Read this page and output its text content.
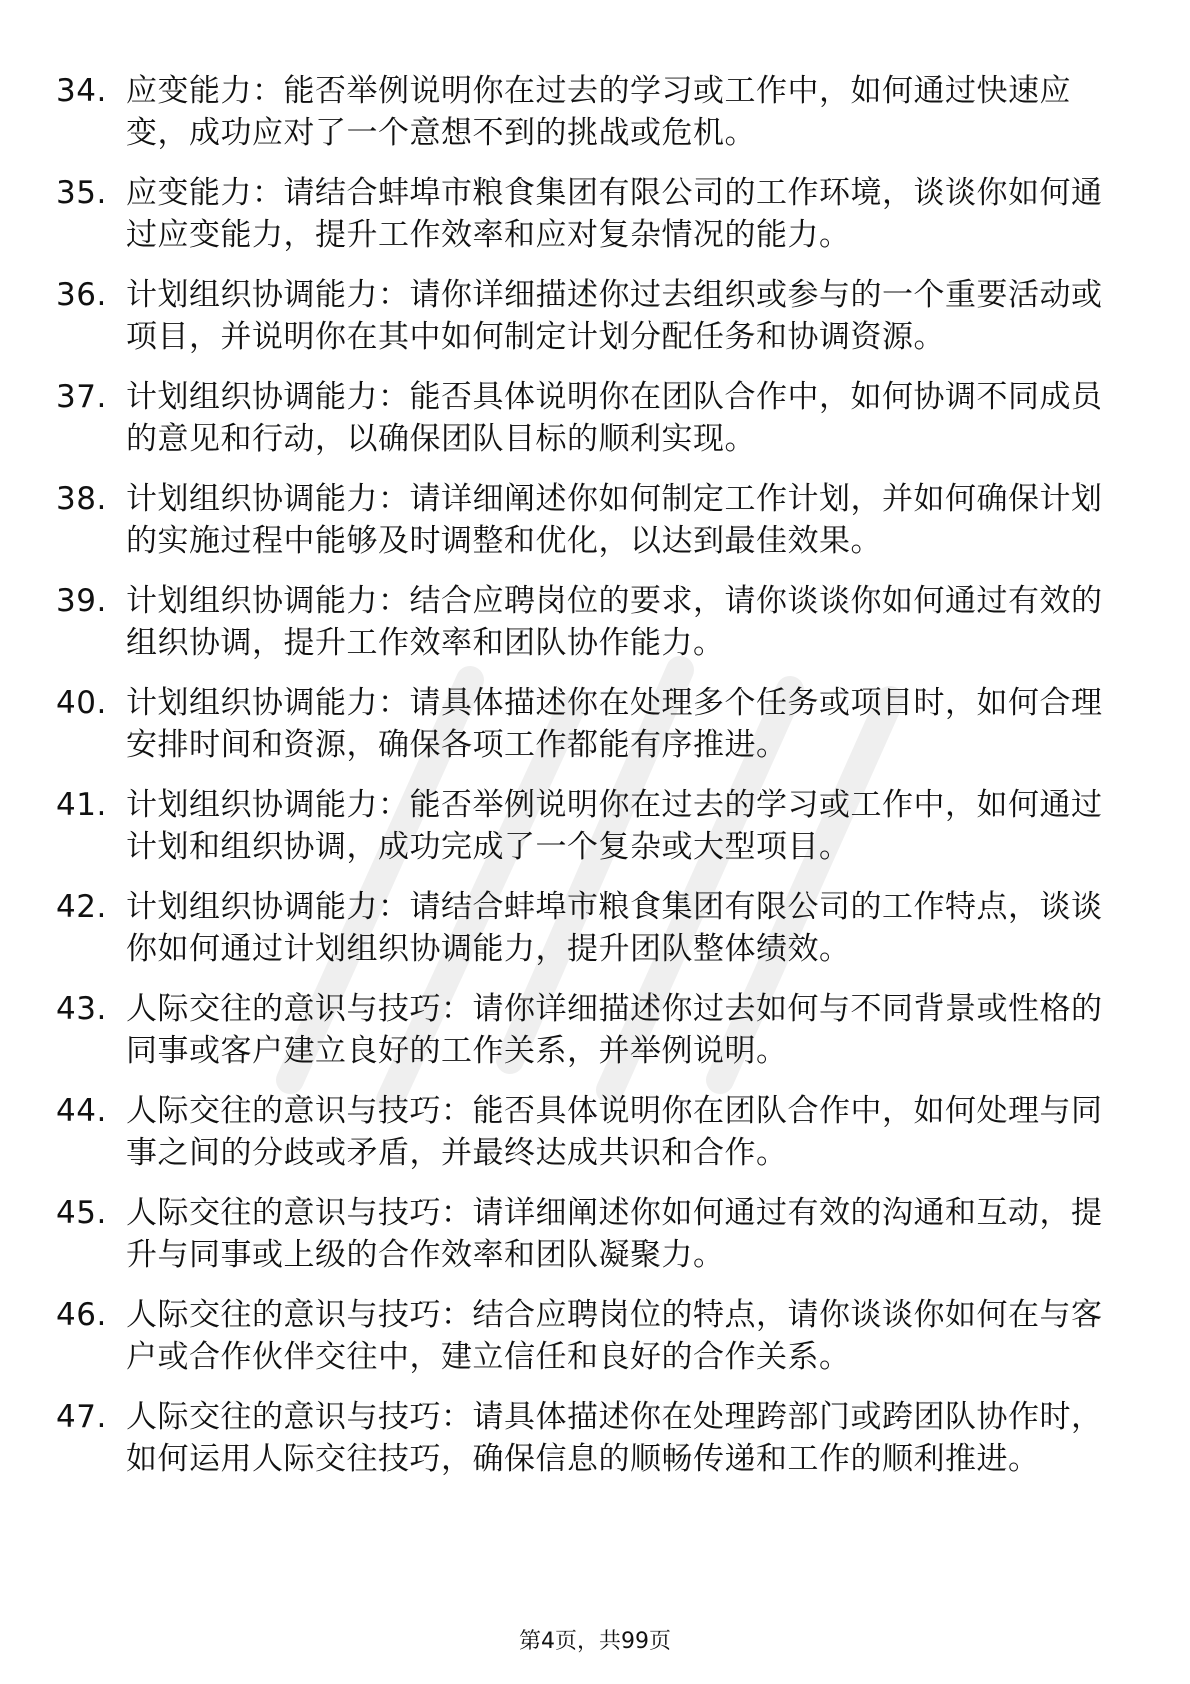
34. 应变能力：能否举例说明你在过去的学习或工作中，如何通过快速应变，成功应对了一个意想不到的挑战或危机。
35. 应变能力：请结合蚌埠市粮食集团有限公司的工作环境，谈谈你如何通过应变能力，提升工作效率和应对复杂情况的能力。
36. 计划组织协调能力：请你详细描述你过去组织或参与的一个重要活动或项目，并说明你在其中如何制定计划分配任务和协调资源。
37. 计划组织协调能力：能否具体说明你在团队合作中，如何协调不同成员的意见和行动，以确保团队目标的顺利实现。
38. 计划组织协调能力：请详细阐述你如何制定工作计划，并如何确保计划的实施过程中能够及时调整和优化，以达到最佳效果。
39. 计划组织协调能力：结合应聘岗位的要求，请你谈谈你如何通过有效的组织协调，提升工作效率和团队协作能力。
40. 计划组织协调能力：请具体描述你在处理多个任务或项目时，如何合理安排时间和资源，确保各项工作都能有序推进。
41. 计划组织协调能力：能否举例说明你在过去的学习或工作中，如何通过计划和组织协调，成功完成了一个复杂或大型项目。
42. 计划组织协调能力：请结合蚌埠市粮食集团有限公司的工作特点，谈谈你如何通过计划组织协调能力，提升团队整体绩效。
43. 人际交往的意识与技巧：请你详细描述你过去如何与不同背景或性格的同事或客户建立良好的工作关系，并举例说明。
44. 人际交往的意识与技巧：能否具体说明你在团队合作中，如何处理与同事之间的分歧或矛盾，并最终达成共识和合作。
45. 人际交往的意识与技巧：请详细阐述你如何通过有效的沟通和互动，提升与同事或上级的合作效率和团队凝聚力。
46. 人际交往的意识与技巧：结合应聘岗位的特点，请你谈谈你如何在与客户或合作伙伴交往中，建立信任和良好的合作关系。
47. 人际交往的意识与技巧：请具体描述你在处理跨部门或跨团队协作时，如何运用人际交往技巧，确保信息的顺畅传递和工作的顺利推进。
第4页，共99页
